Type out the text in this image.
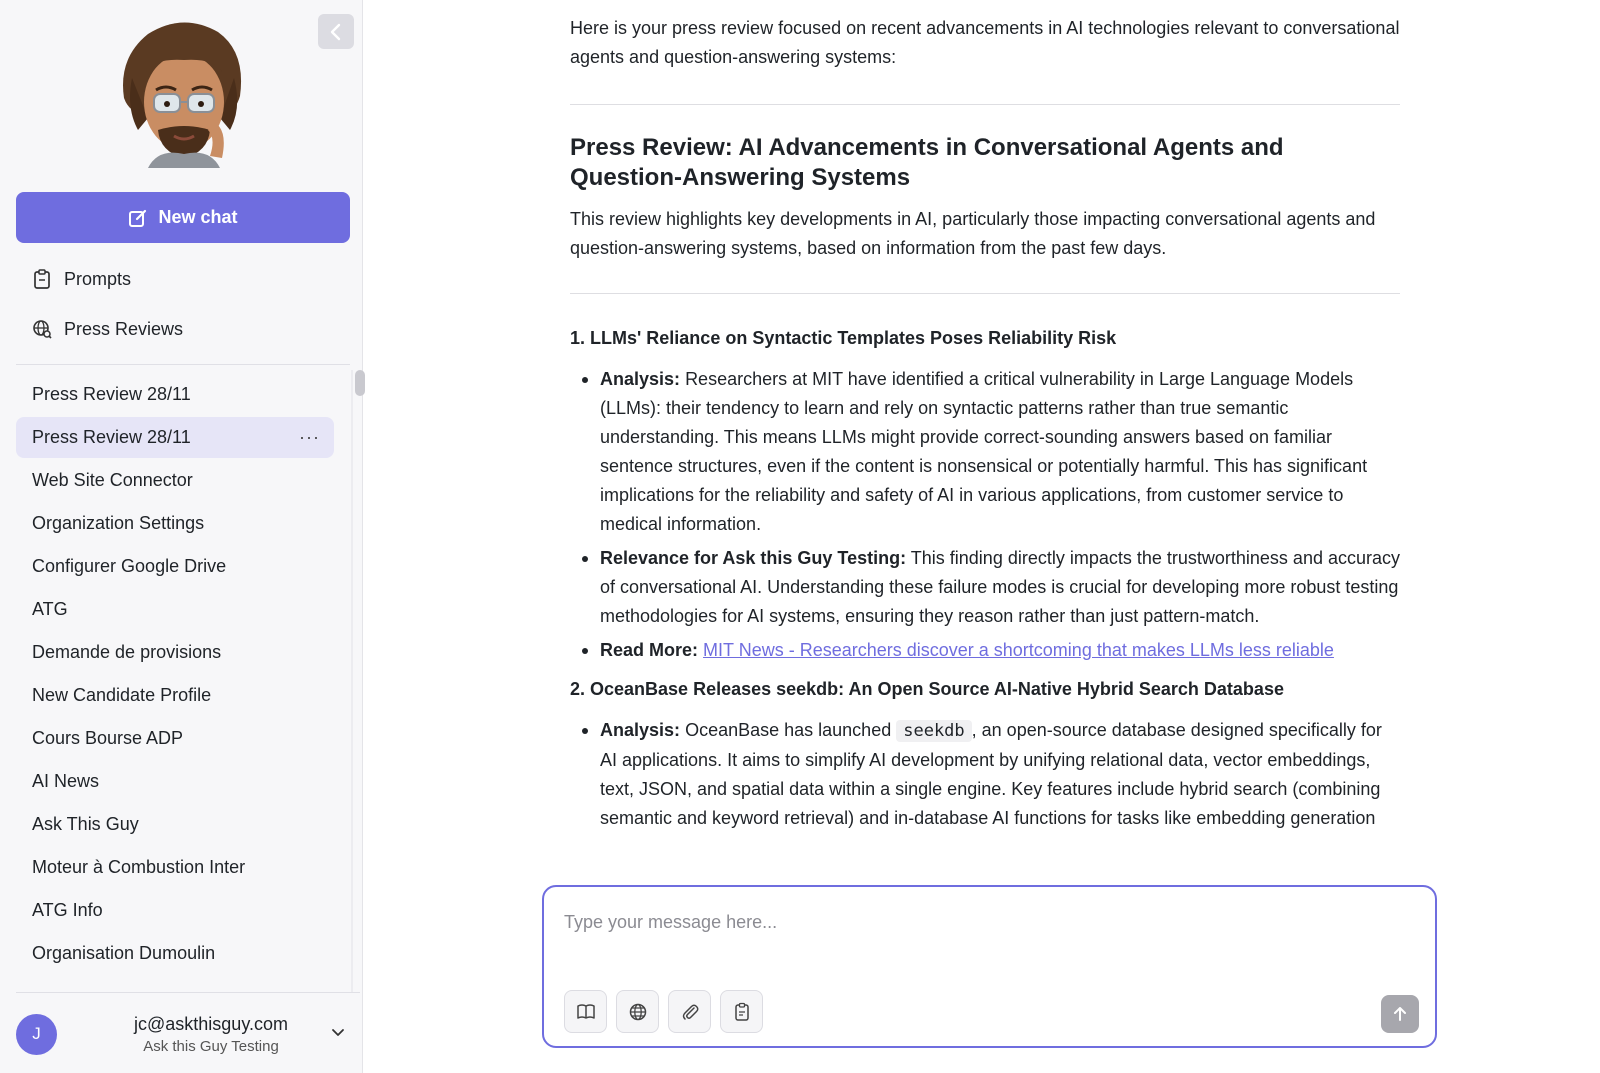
New chat
Prompts
Press Reviews
Press Review 28/11
Press Review 28/11	···
Web Site Connector
Organization Settings
Configurer Google Drive
ATG
Demande de provisions
New Candidate Profile
Cours Bourse ADP
AI News
Ask This Guy
Moteur à Combustion Inter
ATG Info
Organisation Dumoulin
J	jc@askthisguy.com
Ask this Guy Testing

Here is your press review focused on recent advancements in AI technologies relevant to conversational agents and question-answering systems:

Press Review: AI Advancements in Conversational Agents and Question-Answering Systems

This review highlights key developments in AI, particularly those impacting conversational agents and question-answering systems, based on information from the past few days.

1. LLMs' Reliance on Syntactic Templates Poses Reliability Risk
Analysis: Researchers at MIT have identified a critical vulnerability in Large Language Models (LLMs): their tendency to learn and rely on syntactic patterns rather than true semantic understanding. This means LLMs might provide correct-sounding answers based on familiar sentence structures, even if the content is nonsensical or potentially harmful. This has significant implications for the reliability and safety of AI in various applications, from customer service to medical information.
Relevance for Ask this Guy Testing: This finding directly impacts the trustworthiness and accuracy of conversational AI. Understanding these failure modes is crucial for developing more robust testing methodologies for AI systems, ensuring they reason rather than just pattern-match.
Read More: MIT News - Researchers discover a shortcoming that makes LLMs less reliable
2. OceanBase Releases seekdb: An Open Source AI-Native Hybrid Search Database
Analysis: OceanBase has launched seekdb , an open-source database designed specifically for AI applications. It aims to simplify AI development by unifying relational data, vector embeddings, text, JSON, and spatial data within a single engine. Key features include hybrid search (combining semantic and keyword retrieval) and in-database AI functions for tasks like embedding generation
Type your message here...
